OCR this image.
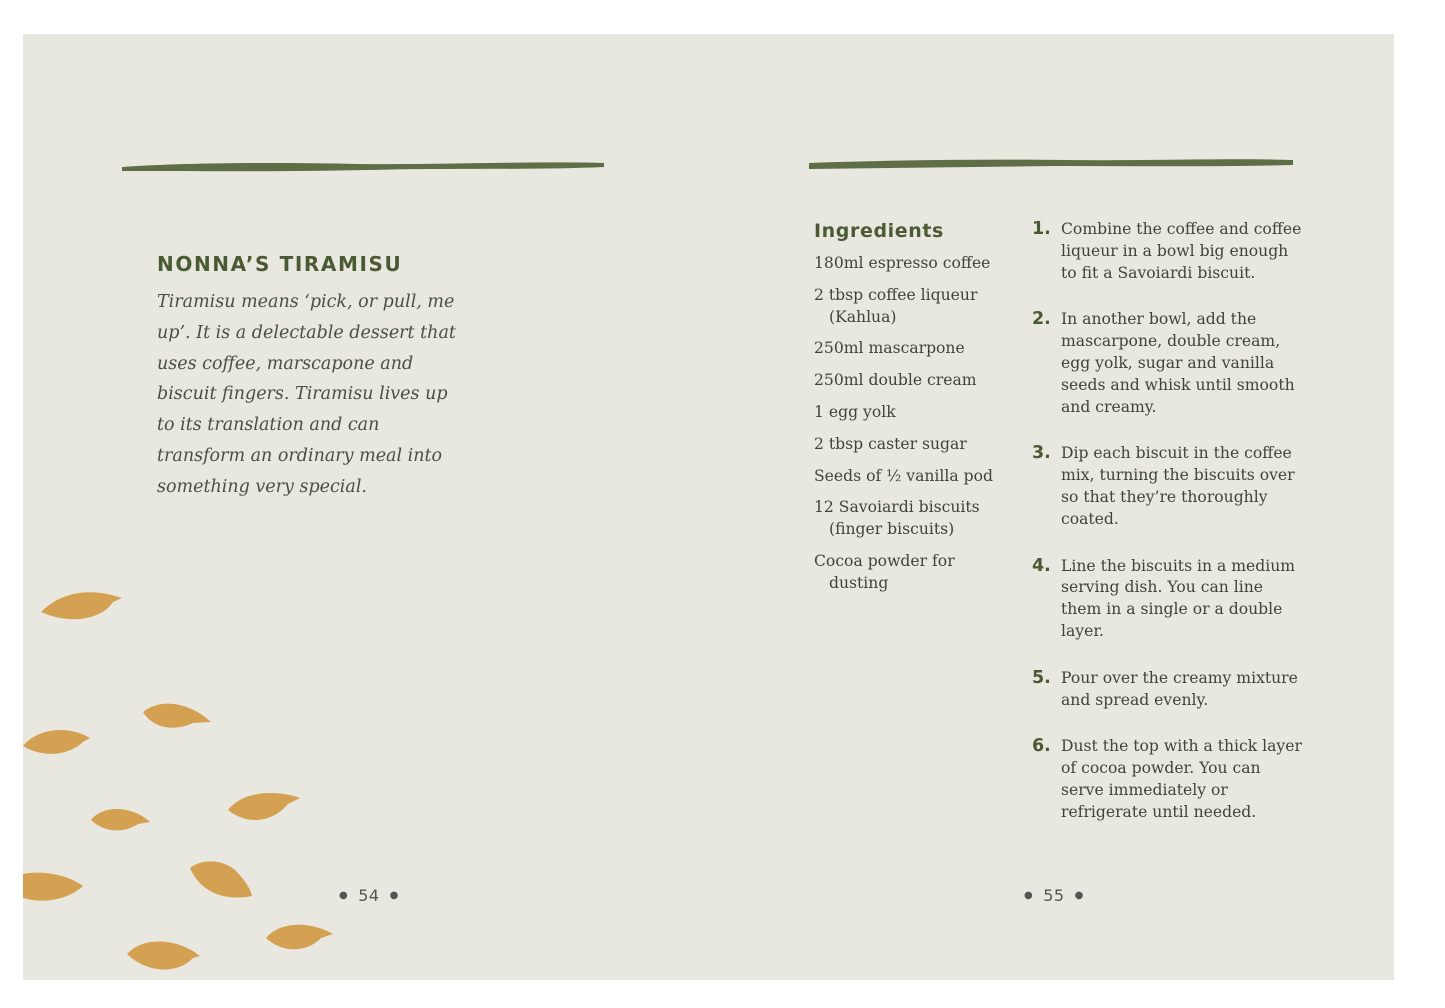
NONNA’S TIRAMISU

Tiramisu means ‘pick, or pull, me up’. It is a delectable dessert that uses coffee, marscapone and biscuit fingers. Tiramisu lives up to its translation and can transform an ordinary meal into something very special.

● 54 ●
Ingredients
180ml espresso coffee
2 tbsp coffee liqueur (Kahlua)
250ml mascarpone
250ml double cream
1 egg yolk
2 tbsp caster sugar
Seeds of ½ vanilla pod
12 Savoiardi biscuits (finger biscuits)
Cocoa powder for dusting
1. Combine the coffee and coffee liqueur in a bowl big enough to fit a Savoiardi biscuit.
2. In another bowl, add the mascarpone, double cream, egg yolk, sugar and vanilla seeds and whisk until smooth and creamy.
3. Dip each biscuit in the coffee mix, turning the biscuits over so that they’re thoroughly coated.
4. Line the biscuits in a medium serving dish. You can line them in a single or a double layer.
5. Pour over the creamy mixture and spread evenly.
6. Dust the top with a thick layer of cocoa powder. You can serve immediately or refrigerate until needed.
● 55 ●
